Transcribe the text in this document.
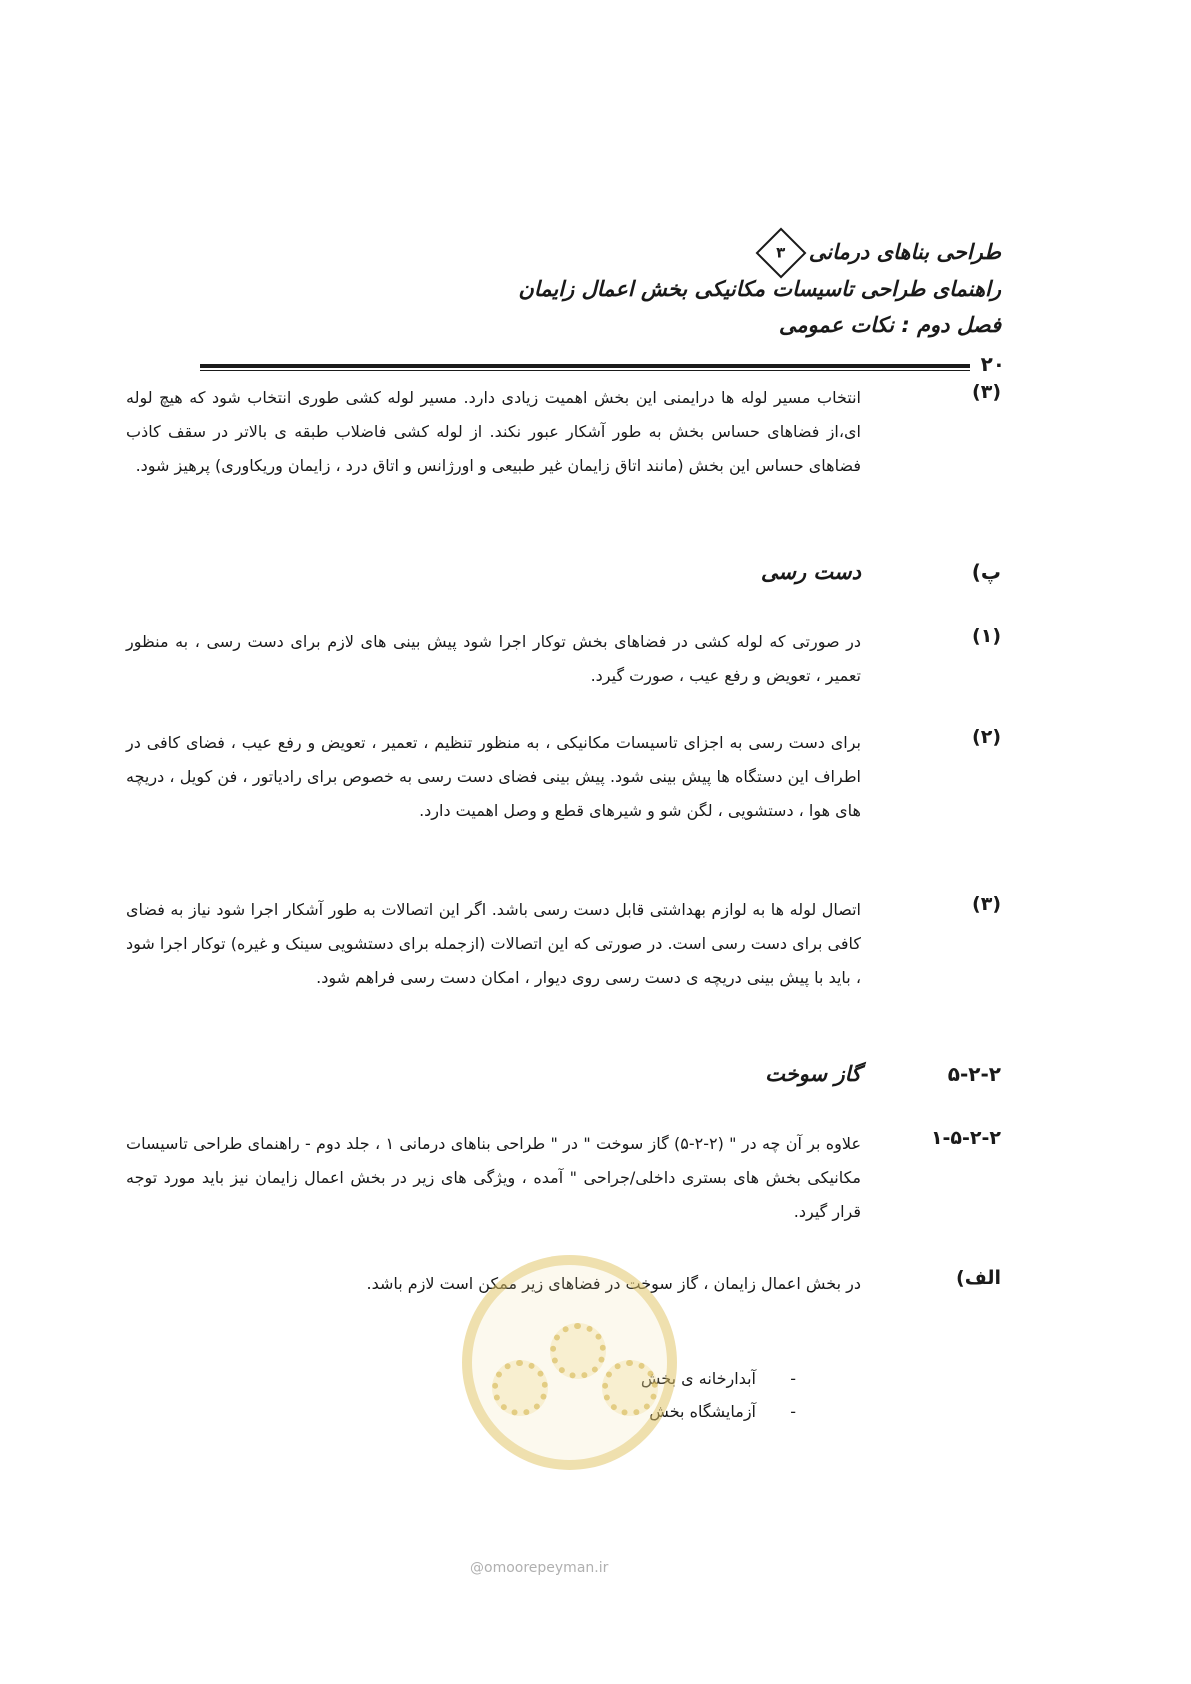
طراحی بناهای درمانی۳
راهنمای طراحی تاسیسات مکانیکی بخش اعمال زایمان
فصل دوم : نکات عمومی
۲۰
(۳)
انتخاب مسیر لوله ها درایمنی این بخش اهمیت زیادی دارد. مسیر لوله کشی طوری انتخاب شود که هیچ لوله ای،از فضاهای حساس بخش به طور آشکار عبور نکند. از لوله کشی فاضلاب طبقه ی بالاتر در سقف کاذب فضاهای حساس این بخش (مانند اتاق زایمان غیر طبیعی و اورژانس و اتاق درد ، زایمان وریکاوری) پرهیز شود.
پ)
دست رسی
(۱)
در صورتی که لوله کشی در فضاهای بخش توکار اجرا شود پیش بینی های لازم برای دست رسی ، به منظور تعمیر ، تعویض و رفع عیب ، صورت گیرد.
(۲)
برای دست رسی به اجزای تاسیسات مکانیکی ، به منظور تنظیم ، تعمیر ، تعویض و رفع عیب ، فضای کافی در اطراف این دستگاه ها پیش بینی شود. پیش بینی فضای دست رسی به خصوص برای رادیاتور ، فن کویل ، دریچه های هوا ، دستشویی ، لگن شو و شیرهای قطع و وصل اهمیت دارد.
(۳)
اتصال لوله ها به لوازم بهداشتی قابل دست رسی باشد. اگر این اتصالات به طور آشکار اجرا شود نیاز به فضای کافی برای دست رسی است. در صورتی که این اتصالات (ازجمله برای دستشویی سینک و غیره) توکار اجرا شود ، باید با پیش بینی دریچه ی دست رسی روی دیوار ، امکان دست رسی فراهم شود.
۵-۲-۲
گاز سوخت
۱-۵-۲-۲
علاوه بر آن چه در " (۲-۲-۵) گاز سوخت " در " طراحی بناهای درمانی ۱ ، جلد دوم - راهنمای طراحی تاسیسات مکانیکی بخش های بستری داخلی/جراحی " آمده ، ویژگی های زیر در بخش اعمال زایمان نیز باید مورد توجه قرار گیرد.
الف)
در بخش اعمال زایمان ، گاز سوخت در فضاهای زیر ممکن است لازم باشد.
-آبدارخانه ی بخش
-آزمایشگاه بخش
@omoorepeyman.ir
